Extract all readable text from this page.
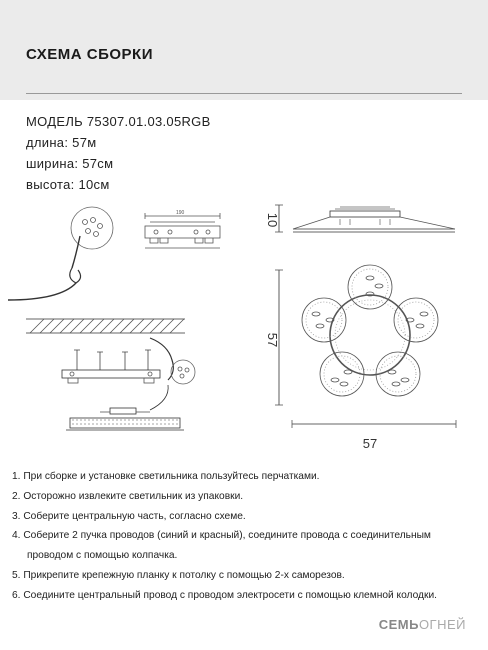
СХЕМА СБОРКИ
МОДЕЛЬ 75307.01.03.05RGB
длина: 57м
ширина: 57см
высота: 10см
190	10
57
57
1. При сборке и установке светильника пользуйтесь перчатками.
2. Осторожно извлеките светильник из упаковки.
3. Соберите центральную часть, согласно схеме.
4. Соберите 2 пучка проводов (синий и красный), соедините провода с соединительным
проводом с помощью колпачка.
5. Прикрепите крепежную планку к потолку с помощью 2-х саморезов.
6. Соедините центральный провод с проводом электросети с помощью клемной колодки.
СЕМЬОГНЕЙ
